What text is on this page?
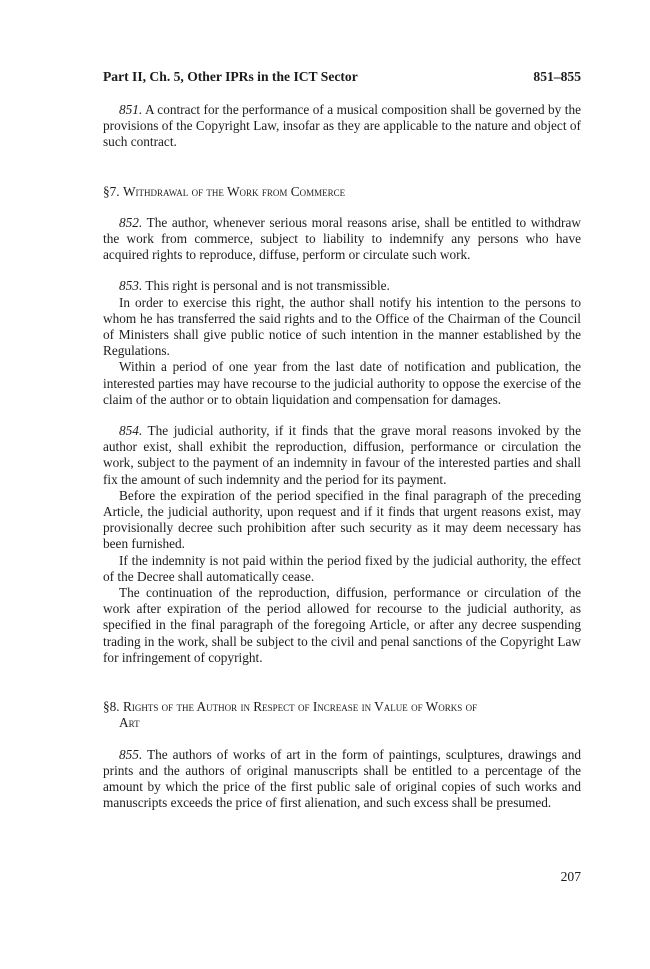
Part II, Ch. 5, Other IPRs in the ICT Sector	851–855

851. A contract for the performance of a musical composition shall be governed by the provisions of the Copyright Law, insofar as they are applicable to the nature and object of such contract.

§7. Withdrawal of the Work from Commerce

852. The author, whenever serious moral reasons arise, shall be entitled to withdraw the work from commerce, subject to liability to indemnify any persons who have acquired rights to reproduce, diffuse, perform or circulate such work.

853. This right is personal and is not transmissible.

In order to exercise this right, the author shall notify his intention to the persons to whom he has transferred the said rights and to the Office of the Chairman of the Council of Ministers shall give public notice of such intention in the manner established by the Regulations.

Within a period of one year from the last date of notification and publication, the interested parties may have recourse to the judicial authority to oppose the exercise of the claim of the author or to obtain liquidation and compensation for damages.

854. The judicial authority, if it finds that the grave moral reasons invoked by the author exist, shall exhibit the reproduction, diffusion, performance or circulation the work, subject to the payment of an indemnity in favour of the interested parties and shall fix the amount of such indemnity and the period for its payment.

Before the expiration of the period specified in the final paragraph of the preceding Article, the judicial authority, upon request and if it finds that urgent reasons exist, may provisionally decree such prohibition after such security as it may deem necessary has been furnished.

If the indemnity is not paid within the period fixed by the judicial authority, the effect of the Decree shall automatically cease.

The continuation of the reproduction, diffusion, performance or circulation of the work after expiration of the period allowed for recourse to the judicial authority, as specified in the final paragraph of the foregoing Article, or after any decree suspending trading in the work, shall be subject to the civil and penal sanctions of the Copyright Law for infringement of copyright.

§8. Rights of the Author in Respect of Increase in Value of Works of

Art

855. The authors of works of art in the form of paintings, sculptures, drawings and prints and the authors of original manuscripts shall be entitled to a percentage of the amount by which the price of the first public sale of original copies of such works and manuscripts exceeds the price of first alienation, and such excess shall be presumed.

207
